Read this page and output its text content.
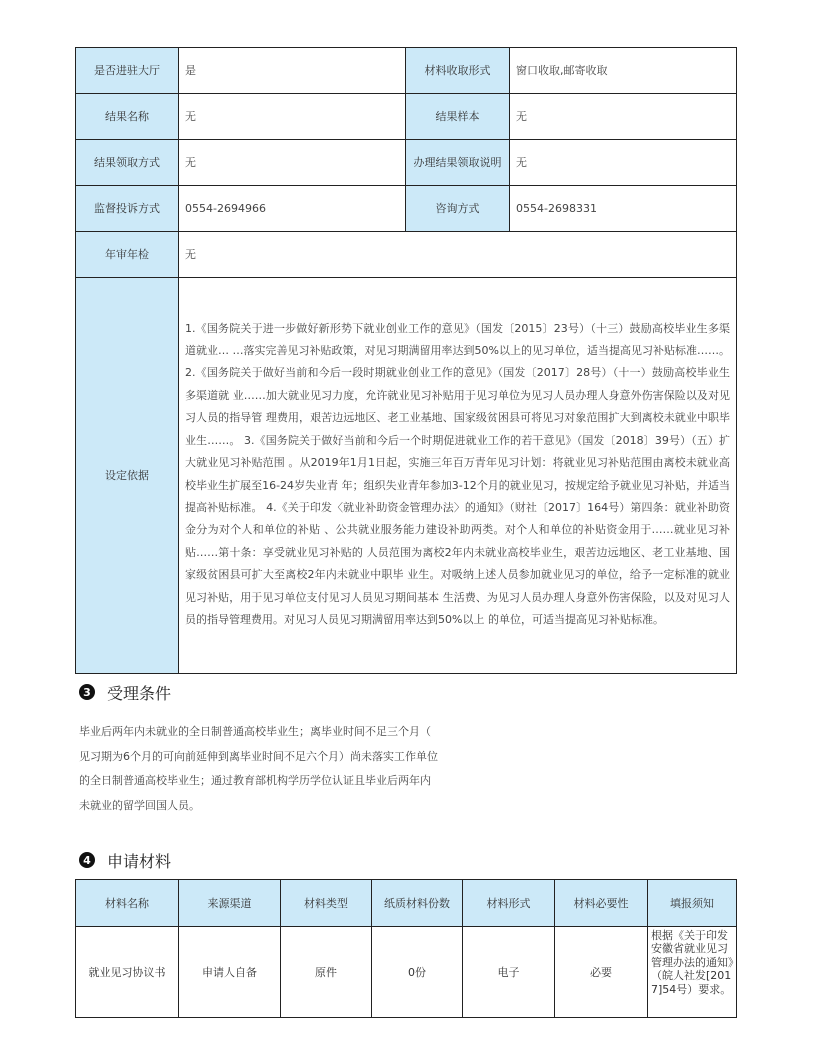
是否进驻大厅	是	材料收取形式	窗口收取,邮寄收取
结果名称	无	结果样本	无
结果领取方式	无	办理结果领取说明	无
监督投诉方式	0554-2694966	咨询方式	0554-2698331
年审年检	无		
设定依据	1.《国务院关于进一步做好新形势下就业创业工作的意见》（国发〔2015〕23号）（十三）鼓励高校毕业生多渠道就业… …落实完善见习补贴政策，对见习期满留用率达到50%以上的见习单位，适当提高见习补贴标准……。 2.《国务院关于做好当前和今后一段时期就业创业工作的意见》（国发〔2017〕28号）（十一）鼓励高校毕业生多渠道就 业……加大就业见习力度，允许就业见习补贴用于见习单位为见习人员办理人身意外伤害保险以及对见习人员的指导管 理费用，艰苦边远地区、老工业基地、国家级贫困县可将见习对象范围扩大到离校未就业中职毕业生……。 3.《国务院关于做好当前和今后一个时期促进就业工作的若干意见》（国发〔2018〕39号）（五）扩大就业见习补贴范围 。从2019年1月1日起，实施三年百万青年见习计划：将就业见习补贴范围由离校未就业高校毕业生扩展至16-24岁失业青 年；组织失业青年参加3-12个月的就业见习，按规定给予就业见习补贴，并适当提高补贴标准。 4.《关于印发〈就业补助资金管理办法〉的通知》（财社〔2017〕164号）第四条：就业补助资金分为对个人和单位的补贴 、公共就业服务能力建设补助两类。对个人和单位的补贴资金用于……就业见习补贴……第十条：享受就业见习补贴的 人员范围为离校2年内未就业高校毕业生，艰苦边远地区、老工业基地、国家级贫困县可扩大至离校2年内未就业中职毕 业生。对吸纳上述人员参加就业见习的单位，给予一定标准的就业见习补贴，用于见习单位支付见习人员见习期间基本 生活费、为见习人员办理人身意外伤害保险，以及对见习人员的指导管理费用。对见习人员见习期满留用率达到50%以上 的单位，可适当提高见习补贴标准。		
3 受理条件
毕业后两年内未就业的全日制普通高校毕业生；离毕业时间不足三个月（
见习期为6个月的可向前延伸到离毕业时间不足六个月）尚未落实工作单位
的全日制普通高校毕业生；通过教育部机构学历学位认证且毕业后两年内
未就业的留学回国人员。
4 申请材料
材料名称	来源渠道	材料类型	纸质材料份数	材料形式	材料必要性	填报须知
就业见习协议书	申请人自备	原件	0份	电子	必要	根据《关于印发安徽省就业见习管理办法的通知》（皖人社发[2017]54号）要求。
